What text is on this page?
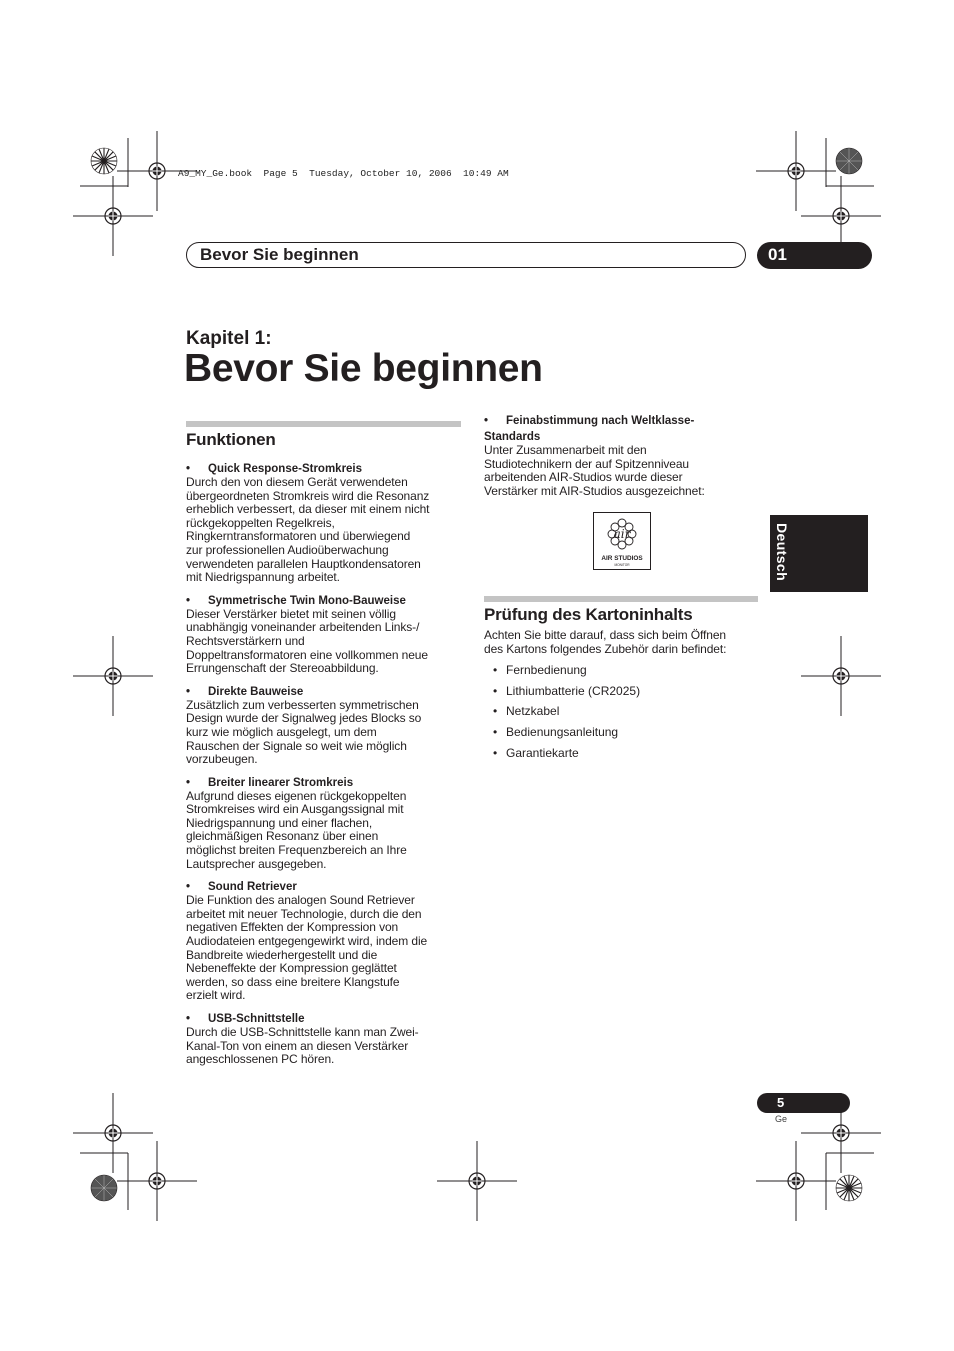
A9_MY_Ge.book  Page 5  Tuesday, October 10, 2006  10:49 AM
Bevor Sie beginnen	01
Kapitel 1:
Bevor Sie beginnen
Funktionen
• Quick Response-Stromkreis
Durch den von diesem Gerät verwendeten
übergeordneten Stromkreis wird die Resonanz
erheblich verbessert, da dieser mit einem nicht
rückgekoppelten Regelkreis,
Ringkerntransformatoren und überwiegend
zur professionellen Audioüberwachung
verwendeten parallelen Hauptkondensatoren
mit Niedrigspannung arbeitet.
• Symmetrische Twin Mono-Bauweise
Dieser Verstärker bietet mit seinen völlig
unabhängig voneinander arbeitenden Links-/
Rechtsverstärkern und
Doppeltransformatoren eine vollkommen neue
Errungenschaft der Stereoabbildung.
• Direkte Bauweise
Zusätzlich zum verbesserten symmetrischen
Design wurde der Signalweg jedes Blocks so
kurz wie möglich ausgelegt, um dem
Rauschen der Signale so weit wie möglich
vorzubeugen.
• Breiter linearer Stromkreis
Aufgrund dieses eigenen rückgekoppelten
Stromkreises wird ein Ausgangssignal mit
Niedrigspannung und einer flachen,
gleichmäßigen Resonanz über einen
möglichst breiten Frequenzbereich an Ihre
Lautsprecher ausgegeben.
• Sound Retriever
Die Funktion des analogen Sound Retriever
arbeitet mit neuer Technologie, durch die den
negativen Effekten der Kompression von
Audiodateien entgegengewirkt wird, indem die
Bandbreite wiederhergestellt und die
Nebeneffekte der Kompression geglättet
werden, so dass eine breitere Klangstufe
erzielt wird.
• USB-Schnittstelle
Durch die USB-Schnittstelle kann man Zwei-
Kanal-Ton von einem an diesen Verstärker
angeschlossenen PC hören.
• Feinabstimmung nach Weltklasse-
Standards
Unter Zusammenarbeit mit den
Studiotechnikern der auf Spitzenniveau
arbeitenden AIR-Studios wurde dieser
Verstärker mit AIR-Studios ausgezeichnet:
air
AIR STUDIOS
MONITOR
Prüfung des Kartoninhalts
Achten Sie bitte darauf, dass sich beim Öffnen
des Kartons folgendes Zubehör darin befindet:
• Fernbedienung
• Lithiumbatterie (CR2025)
• Netzkabel
• Bedienungsanleitung
• Garantiekarte
Deutsch
5
Ge
